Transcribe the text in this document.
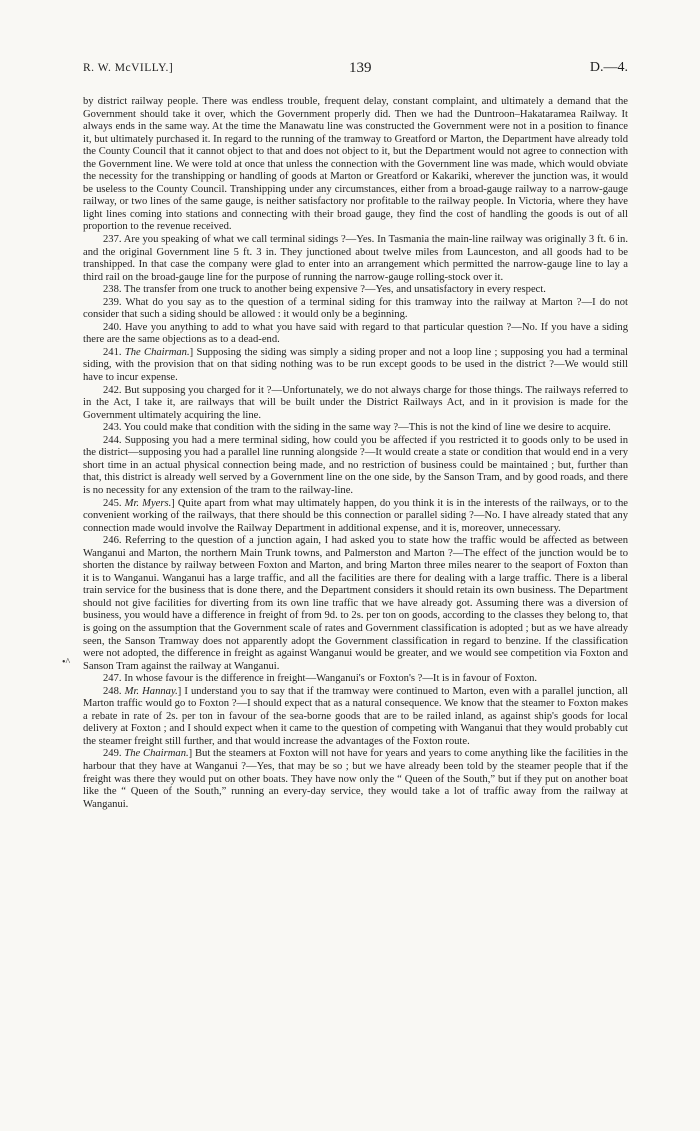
R. W. McVILLY.]	139	D.—4.
•^

by district railway people. There was endless trouble, frequent delay, constant complaint, and ultimately a demand that the Government should take it over, which the Government properly did. Then we had the Duntroon–Hakataramea Railway. It always ends in the same way. At the time the Manawatu line was constructed the Government were not in a position to finance it, but ultimately purchased it. In regard to the running of the tramway to Greatford or Marton, the Department have already told the County Council that it cannot object to that and does not object to it, but the Department would not agree to connection with the Government line. We were told at once that unless the connection with the Government line was made, which would obviate the necessity for the transhipping or handling of goods at Marton or Greatford or Kakariki, wherever the junction was, it would be useless to the County Council. Transhipping under any circumstances, either from a broad-gauge railway to a narrow-gauge railway, or two lines of the same gauge, is neither satisfactory nor profitable to the railway people. In Victoria, where they have light lines coming into stations and connecting with their broad gauge, they find the cost of handling the goods is out of all proportion to the revenue received.

237. Are you speaking of what we call terminal sidings ?—Yes. In Tasmania the main-line railway was originally 3 ft. 6 in. and the original Government line 5 ft. 3 in. They junctioned about twelve miles from Launceston, and all goods had to be transhipped. In that case the company were glad to enter into an arrangement which permitted the narrow-gauge line to lay a third rail on the broad-gauge line for the purpose of running the narrow-gauge rolling-stock over it.

238. The transfer from one truck to another being expensive ?—Yes, and unsatisfactory in every respect.

239. What do you say as to the question of a terminal siding for this tramway into the railway at Marton ?—I do not consider that such a siding should be allowed : it would only be a beginning.

240. Have you anything to add to what you have said with regard to that particular question ?—No. If you have a siding there are the same objections as to a dead-end.

241. The Chairman.] Supposing the siding was simply a siding proper and not a loop line ; supposing you had a terminal siding, with the provision that on that siding nothing was to be run except goods to be used in the district ?—We would still have to incur expense.

242. But supposing you charged for it ?—Unfortunately, we do not always charge for those things. The railways referred to in the Act, I take it, are railways that will be built under the District Railways Act, and in it provision is made for the Government ultimately acquiring the line.

243. You could make that condition with the siding in the same way ?—This is not the kind of line we desire to acquire.

244. Supposing you had a mere terminal siding, how could you be affected if you restricted it to goods only to be used in the district—supposing you had a parallel line running alongside ?—It would create a state or condition that would end in a very short time in an actual physical connection being made, and no restriction of business could be maintained ; but, further than that, this district is already well served by a Government line on the one side, by the Sanson Tram, and by good roads, and there is no necessity for any extension of the tram to the railway-line.

245. Mr. Myers.] Quite apart from what may ultimately happen, do you think it is in the interests of the railways, or to the convenient working of the railways, that there should be this connection or parallel siding ?—No. I have already stated that any connection made would involve the Railway Department in additional expense, and it is, moreover, unnecessary.

246. Referring to the question of a junction again, I had asked you to state how the traffic would be affected as between Wanganui and Marton, the northern Main Trunk towns, and Palmerston and Marton ?—The effect of the junction would be to shorten the distance by railway between Foxton and Marton, and bring Marton three miles nearer to the seaport of Foxton than it is to Wanganui. Wanganui has a large traffic, and all the facilities are there for dealing with a large traffic. There is a liberal train service for the business that is done there, and the Department considers it should retain its own business. The Department should not give facilities for diverting from its own line traffic that we have already got. Assuming there was a diversion of business, you would have a difference in freight of from 9d. to 2s. per ton on goods, according to the classes they belong to, that is going on the assumption that the Government scale of rates and Government classification is adopted ; but as we have already seen, the Sanson Tramway does not apparently adopt the Government classification in regard to benzine. If the classification were not adopted, the difference in freight as against Wanganui would be greater, and we would see competition via Foxton and Sanson Tram against the railway at Wanganui.

247. In whose favour is the difference in freight—Wanganui's or Foxton's ?—It is in favour of Foxton.

248. Mr. Hannay.] I understand you to say that if the tramway were continued to Marton, even with a parallel junction, all Marton traffic would go to Foxton ?—I should expect that as a natural consequence. We know that the steamer to Foxton makes a rebate in rate of 2s. per ton in favour of the sea-borne goods that are to be railed inland, as against ship's goods for local delivery at Foxton ; and I should expect when it came to the question of competing with Wanganui that they would probably cut the steamer freight still further, and that would increase the advantages of the Foxton route.

249. The Chairman.] But the steamers at Foxton will not have for years and years to come anything like the facilities in the harbour that they have at Wanganui ?—Yes, that may be so ; but we have already been told by the steamer people that if the freight was there they would put on other boats. They have now only the “ Queen of the South,” but if they put on another boat like the “ Queen of the South,” running an every-day service, they would take a lot of traffic away from the railway at Wanganui.
